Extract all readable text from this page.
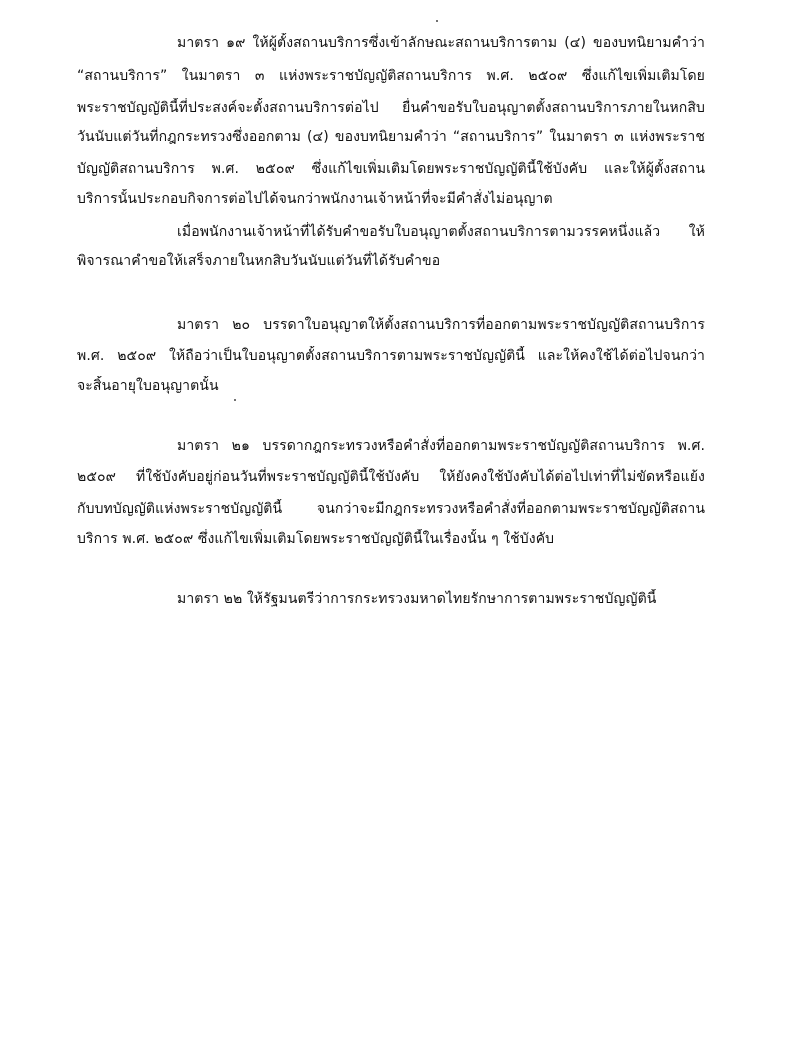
มาตรา ๑๙ ให้ผู้ตั้งสถานบริการซึ่งเข้าลักษณะสถานบริการตาม (๔) ของบทนิยามคำว่า
“สถานบริการ” ในมาตรา ๓ แห่งพระราชบัญญัติสถานบริการ พ.ศ. ๒๕๐๙ ซึ่งแก้ไขเพิ่มเติมโดย
พระราชบัญญัตินี้ที่ประสงค์จะตั้งสถานบริการต่อไป ยื่นคำขอรับใบอนุญาตตั้งสถานบริการภายในหกสิบ
วันนับแต่วันที่กฎกระทรวงซึ่งออกตาม (๔) ของบทนิยามคำว่า “สถานบริการ” ในมาตรา ๓ แห่งพระราช
บัญญัติสถานบริการ พ.ศ. ๒๕๐๙ ซึ่งแก้ไขเพิ่มเติมโดยพระราชบัญญัตินี้ใช้บังคับ และให้ผู้ตั้งสถาน
บริการนั้นประกอบกิจการต่อไปได้จนกว่าพนักงานเจ้าหน้าที่จะมีคำสั่งไม่อนุญาต
เมื่อพนักงานเจ้าหน้าที่ได้รับคำขอรับใบอนุญาตตั้งสถานบริการตามวรรคหนึ่งแล้ว ให้
พิจารณาคำขอให้เสร็จภายในหกสิบวันนับแต่วันที่ได้รับคำขอ
มาตรา ๒๐ บรรดาใบอนุญาตให้ตั้งสถานบริการที่ออกตามพระราชบัญญัติสถานบริการ
พ.ศ. ๒๕๐๙ ให้ถือว่าเป็นใบอนุญาตตั้งสถานบริการตามพระราชบัญญัตินี้ และให้คงใช้ได้ต่อไปจนกว่า
จะสิ้นอายุใบอนุญาตนั้น
มาตรา ๒๑ บรรดากฎกระทรวงหรือคำสั่งที่ออกตามพระราชบัญญัติสถานบริการ พ.ศ.
๒๕๐๙ ที่ใช้บังคับอยู่ก่อนวันที่พระราชบัญญัตินี้ใช้บังคับ ให้ยังคงใช้บังคับได้ต่อไปเท่าที่ไม่ขัดหรือแย้ง
กับบทบัญญัติแห่งพระราชบัญญัตินี้ จนกว่าจะมีกฎกระทรวงหรือคำสั่งที่ออกตามพระราชบัญญัติสถาน
บริการ พ.ศ. ๒๕๐๙ ซึ่งแก้ไขเพิ่มเติมโดยพระราชบัญญัตินี้ในเรื่องนั้น ๆ ใช้บังคับ
มาตรา ๒๒ ให้รัฐมนตรีว่าการกระทรวงมหาดไทยรักษาการตามพระราชบัญญัตินี้
